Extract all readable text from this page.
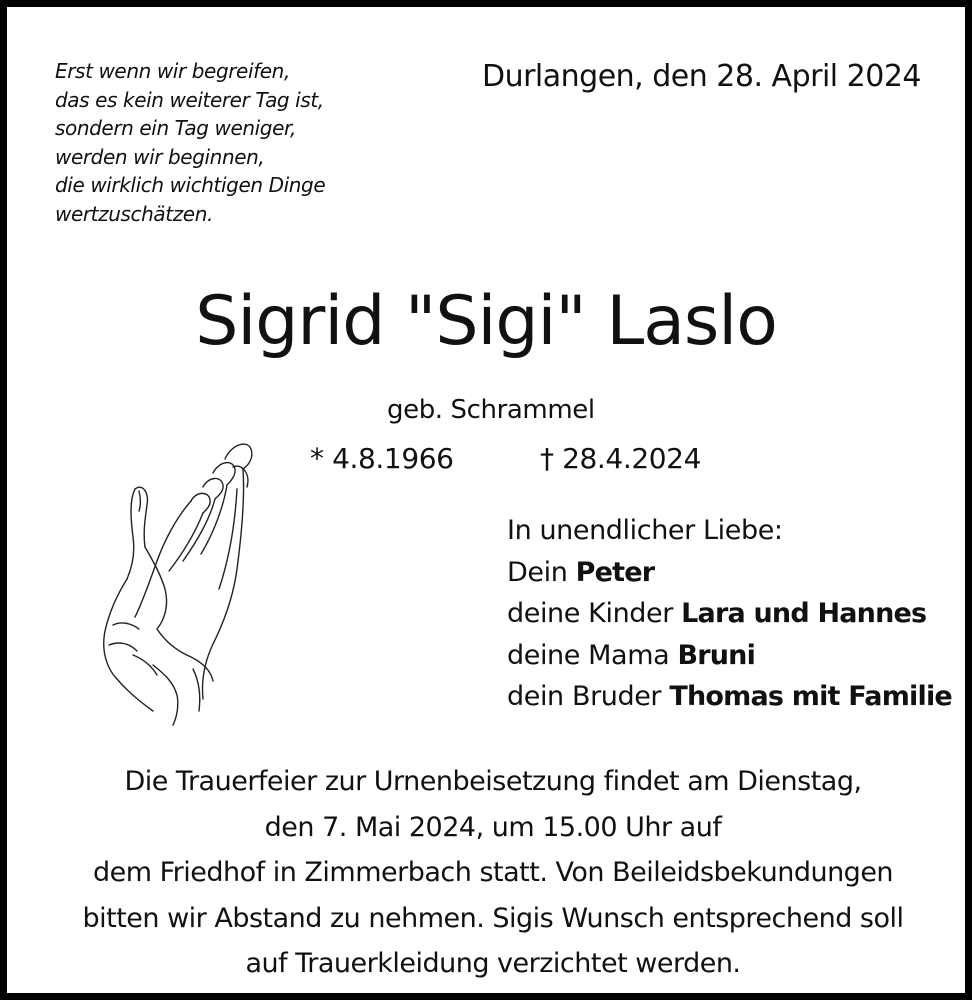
Erst wenn wir begreifen,
das es kein weiterer Tag ist,
sondern ein Tag weniger,
werden wir beginnen,
die wirklich wichtigen Dinge
wertzuschätzen.
Durlangen, den 28. April 2024
Sigrid "Sigi" Laslo
geb. Schrammel
* 4.8.1966	† 28.4.2024
In unendlicher Liebe:
Dein Peter
deine Kinder Lara und Hannes
deine Mama Bruni
dein Bruder Thomas mit Familie
Die Trauerfeier zur Urnenbeisetzung findet am Dienstag,
den 7. Mai 2024, um 15.00 Uhr auf
dem Friedhof in Zimmerbach statt. Von Beileidsbekundungen
bitten wir Abstand zu nehmen. Sigis Wunsch entsprechend soll
auf Trauerkleidung verzichtet werden.
